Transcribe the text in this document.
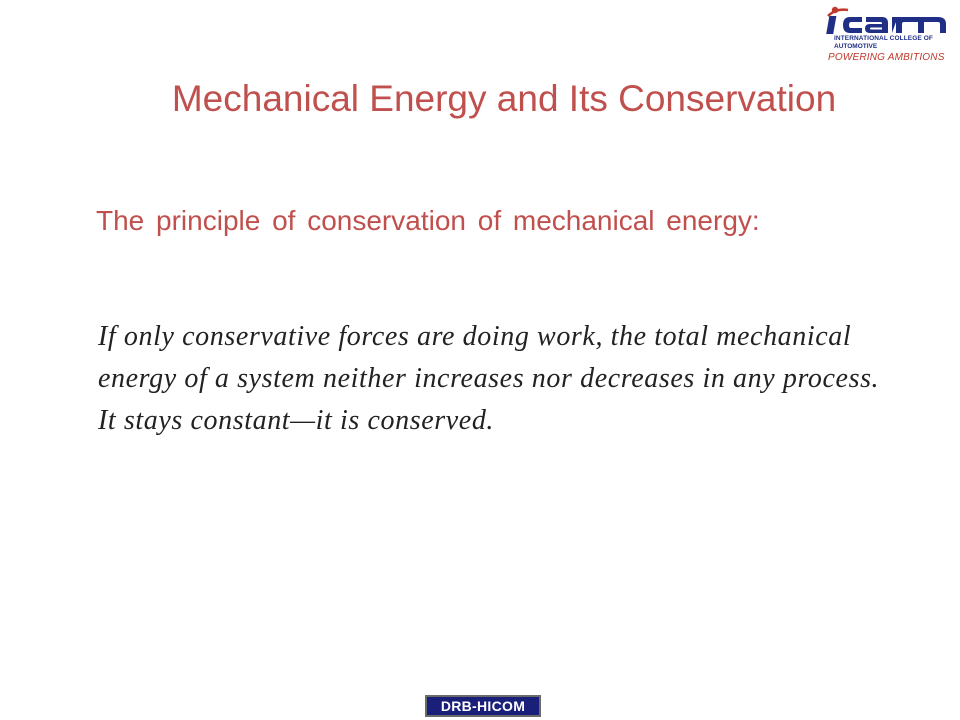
INTERNATIONAL COLLEGE OF
AUTOMOTIVE
POWERING AMBITIONS
Mechanical Energy and Its Conservation
The principle of conservation of mechanical energy:
If only conservative forces are doing work, the total mechanical energy of a system neither increases nor decreases in any process. It stays constant—it is conserved.
DRB-HICOM
